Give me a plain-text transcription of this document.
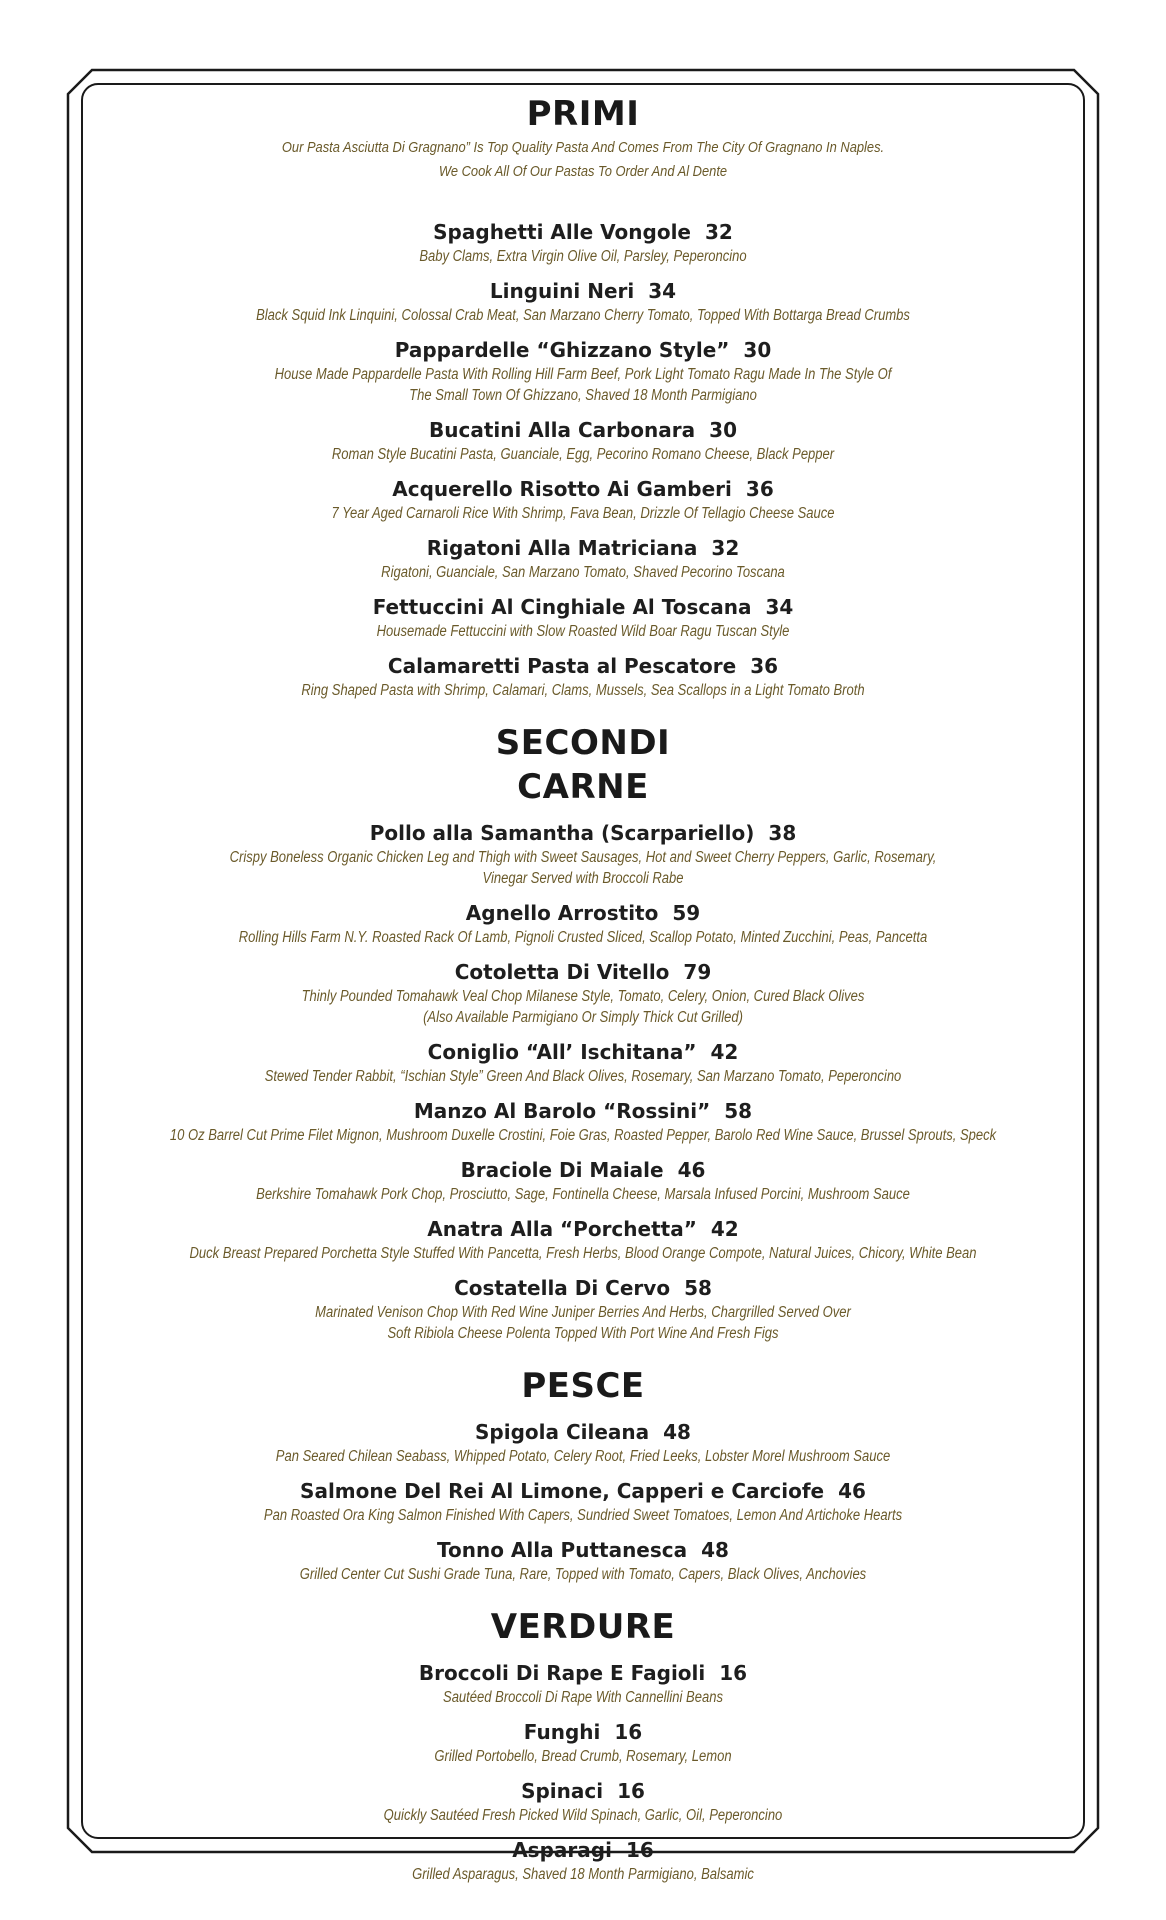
PRIMI
Our Pasta Asciutta Di Gragnano” Is Top Quality Pasta And Comes From The City Of Gragnano In Naples.
We Cook All Of Our Pastas To Order And Al Dente
Spaghetti Alle Vongole 32
Baby Clams, Extra Virgin Olive Oil, Parsley, Peperoncino
Linguini Neri 34
Black Squid Ink Linquini, Colossal Crab Meat, San Marzano Cherry Tomato, Topped With Bottarga Bread Crumbs
Pappardelle “Ghizzano Style” 30
House Made Pappardelle Pasta With Rolling Hill Farm Beef, Pork Light Tomato Ragu Made In The Style Of
The Small Town Of Ghizzano, Shaved 18 Month Parmigiano
Bucatini Alla Carbonara 30
Roman Style Bucatini Pasta, Guanciale, Egg, Pecorino Romano Cheese, Black Pepper
Acquerello Risotto Ai Gamberi 36
7 Year Aged Carnaroli Rice With Shrimp, Fava Bean, Drizzle Of Tellagio Cheese Sauce
Rigatoni Alla Matriciana 32
Rigatoni, Guanciale, San Marzano Tomato, Shaved Pecorino Toscana
Fettuccini Al Cinghiale Al Toscana 34
Housemade Fettuccini with Slow Roasted Wild Boar Ragu Tuscan Style
Calamaretti Pasta al Pescatore 36
Ring Shaped Pasta with Shrimp, Calamari, Clams, Mussels, Sea Scallops in a Light Tomato Broth
SECONDI
CARNE
Pollo alla Samantha (Scarpariello) 38
Crispy Boneless Organic Chicken Leg and Thigh with Sweet Sausages, Hot and Sweet Cherry Peppers, Garlic, Rosemary,
Vinegar Served with Broccoli Rabe
Agnello Arrostito 59
Rolling Hills Farm N.Y. Roasted Rack Of Lamb, Pignoli Crusted Sliced, Scallop Potato, Minted Zucchini, Peas, Pancetta
Cotoletta Di Vitello 79
Thinly Pounded Tomahawk Veal Chop Milanese Style, Tomato, Celery, Onion, Cured Black Olives
(Also Available Parmigiano Or Simply Thick Cut Grilled)
Coniglio “All’ Ischitana” 42
Stewed Tender Rabbit, “Ischian Style” Green And Black Olives, Rosemary, San Marzano Tomato, Peperoncino
Manzo Al Barolo “Rossini” 58
10 Oz Barrel Cut Prime Filet Mignon, Mushroom Duxelle Crostini, Foie Gras, Roasted Pepper, Barolo Red Wine Sauce, Brussel Sprouts, Speck
Braciole Di Maiale 46
Berkshire Tomahawk Pork Chop, Prosciutto, Sage, Fontinella Cheese, Marsala Infused Porcini, Mushroom Sauce
Anatra Alla “Porchetta” 42
Duck Breast Prepared Porchetta Style Stuffed With Pancetta, Fresh Herbs, Blood Orange Compote, Natural Juices, Chicory, White Bean
Costatella Di Cervo 58
Marinated Venison Chop With Red Wine Juniper Berries And Herbs, Chargrilled Served Over
Soft Ribiola Cheese Polenta Topped With Port Wine And Fresh Figs
PESCE
Spigola Cileana 48
Pan Seared Chilean Seabass, Whipped Potato, Celery Root, Fried Leeks, Lobster Morel Mushroom Sauce
Salmone Del Rei Al Limone, Capperi e Carciofe 46
Pan Roasted Ora King Salmon Finished With Capers, Sundried Sweet Tomatoes, Lemon And Artichoke Hearts
Tonno Alla Puttanesca 48
Grilled Center Cut Sushi Grade Tuna, Rare, Topped with Tomato, Capers, Black Olives, Anchovies
VERDURE
Broccoli Di Rape E Fagioli 16
Sautéed Broccoli Di Rape With Cannellini Beans
Funghi 16
Grilled Portobello, Bread Crumb, Rosemary, Lemon
Spinaci 16
Quickly Sautéed Fresh Picked Wild Spinach, Garlic, Oil, Peperoncino
Asparagi 16
Grilled Asparagus, Shaved 18 Month Parmigiano, Balsamic
